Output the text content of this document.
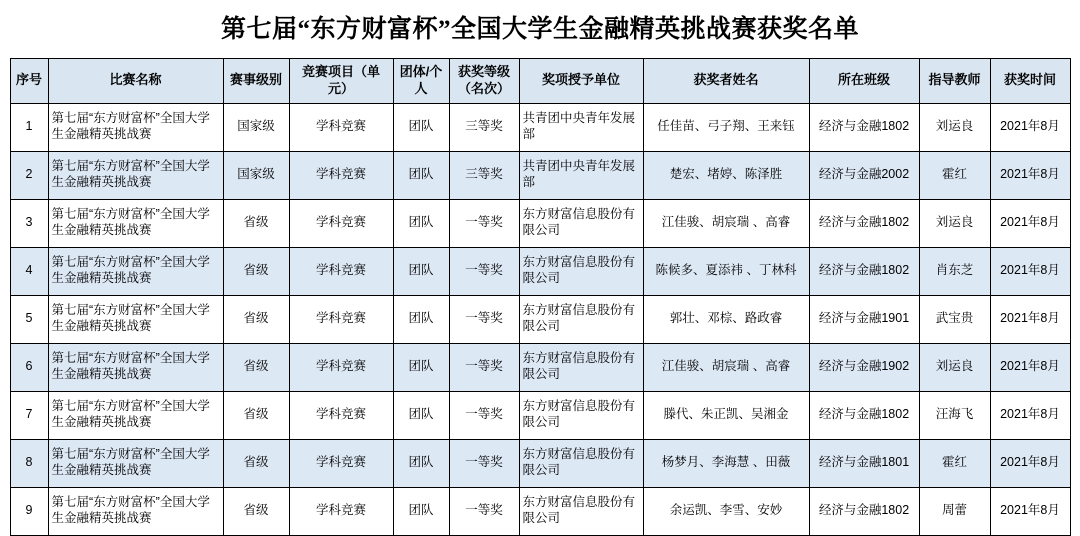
第七届“东方财富杯”全国大学生金融精英挑战赛获奖名单
序号	比赛名称	赛事级别	竞赛项目（单元）	团体/个人	获奖等级（名次）	奖项授予单位	获奖者姓名	所在班级	指导教师	获奖时间
1	第七届“东方财富杯”全国大学生金融精英挑战赛	国家级	学科竞赛	团队	三等奖	共青团中央青年发展部	任佳苗、弓子翔、王来钰	经济与金融1802	刘运良	2021年8月
2	第七届“东方财富杯”全国大学生金融精英挑战赛	国家级	学科竞赛	团队	三等奖	共青团中央青年发展部	楚宏、堵婷、陈泽胜	经济与金融2002	霍红	2021年8月
3	第七届“东方财富杯”全国大学生金融精英挑战赛	省级	学科竞赛	团队	一等奖	东方财富信息股份有限公司	江佳骏、胡宸瑞 、高睿	经济与金融1802	刘运良	2021年8月
4	第七届“东方财富杯”全国大学生金融精英挑战赛	省级	学科竞赛	团队	一等奖	东方财富信息股份有限公司	陈候多、夏添祎 、丁林科	经济与金融1802	肖东芝	2021年8月
5	第七届“东方财富杯”全国大学生金融精英挑战赛	省级	学科竞赛	团队	一等奖	东方财富信息股份有限公司	郭壮、邓棕、路政睿	经济与金融1901	武宝贵	2021年8月
6	第七届“东方财富杯”全国大学生金融精英挑战赛	省级	学科竞赛	团队	一等奖	东方财富信息股份有限公司	江佳骏、胡宸瑞 、高睿	经济与金融1902	刘运良	2021年8月
7	第七届“东方财富杯”全国大学生金融精英挑战赛	省级	学科竞赛	团队	一等奖	东方财富信息股份有限公司	滕代、朱正凯、吴湘金	经济与金融1802	汪海飞	2021年8月
8	第七届“东方财富杯”全国大学生金融精英挑战赛	省级	学科竞赛	团队	一等奖	东方财富信息股份有限公司	杨梦月、李海慧 、田薇	经济与金融1801	霍红	2021年8月
9	第七届“东方财富杯”全国大学生金融精英挑战赛	省级	学科竞赛	团队	一等奖	东方财富信息股份有限公司	余运凯、李雪、安妙	经济与金融1802	周蕾	2021年8月
